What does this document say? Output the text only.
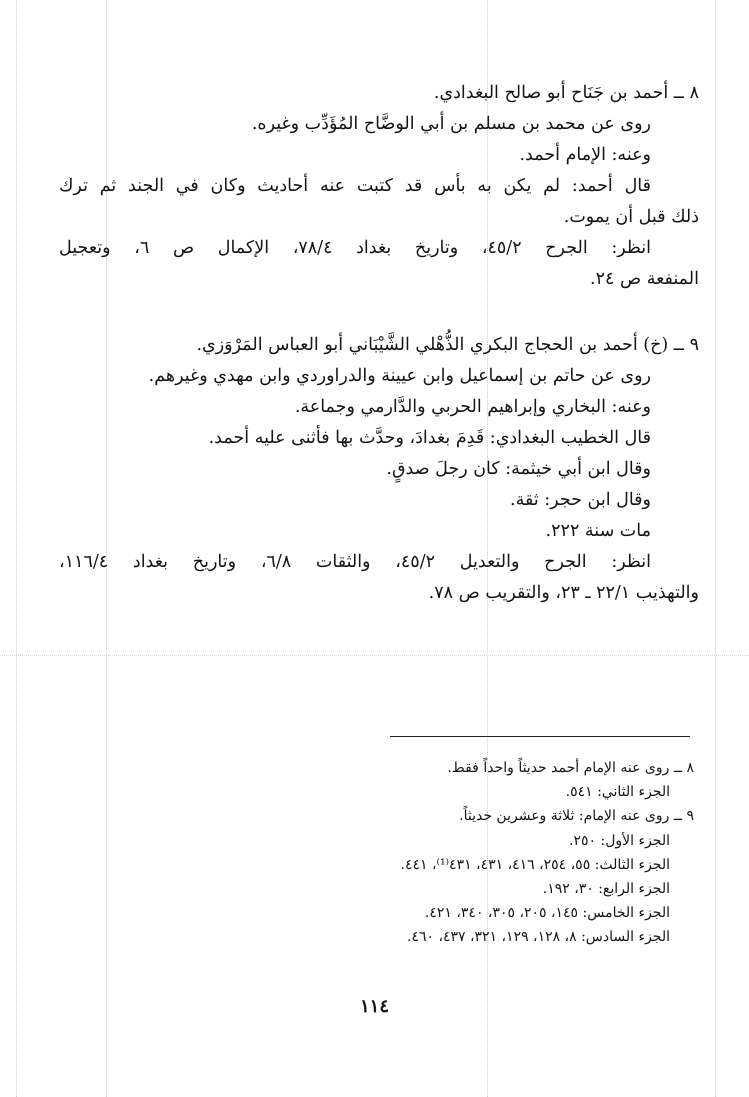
٨ ــ أحمد بن جَنَاح أبو صالح البغدادي.
روى عن محمد بن مسلم بن أبي الوضَّاح المُؤَدِّب وغيره.
وعنه: الإمام أحمد.
قال أحمد: لم يكن به بأس قد كتبت عنه أحاديث وكان في الجند ثم ترك
ذلك قبل أن يموت.
انظر: الجرح ٤٥/٢، وتاريخ بغداد ٧٨/٤، الإكمال ص ٦، وتعجيل
المنفعة ص ٢٤.
٩ ــ (خ) أحمد بن الحجاج البكري الذُّهْلي الشَّيْبَاني أبو العباس المَرْوَزي.
روى عن حاتم بن إسماعيل وابن عيينة والدراوردي وابن مهدي وغيرهم.
وعنه: البخاري وإبراهيم الحربي والدَّارمي وجماعة.
قال الخطيب البغدادي: قَدِمَ بغدادَ، وحدَّث بها فأثنى عليه أحمد.
وقال ابن أبي خيثمة: كان رجلَ صدقٍ.
وقال ابن حجر: ثقة.
مات سنة ٢٢٢.
انظر: الجرح والتعديل ٤٥/٢، والثقات ٦/٨، وتاريخ بغداد ١١٦/٤،
والتهذيب ٢٢/١ ـ ٢٣، والتقريب ص ٧٨.
٨ ــ روى عنه الإمام أحمد حديثاً واحداً فقط.
الجزء الثاني: ٥٤١.
٩ ــ روى عنه الإمام: ثلاثة وعشرين حديثاً.
الجزء الأول: ٢٥٠.
الجزء الثالث: ٥٥، ٢٥٤، ٤١٦، ٤٣١، ٤٣١⁽¹⁾، ٤٤١.
الجزء الرابع: ٣٠، ١٩٢.
الجزء الخامس: ١٤٥، ٢٠٥، ٣٠٥، ٣٤٠، ٤٢١.
الجزء السادس: ٨، ١٢٨، ١٢٩، ٣٢١، ٤٣٧، ٤٦٠.
١١٤
